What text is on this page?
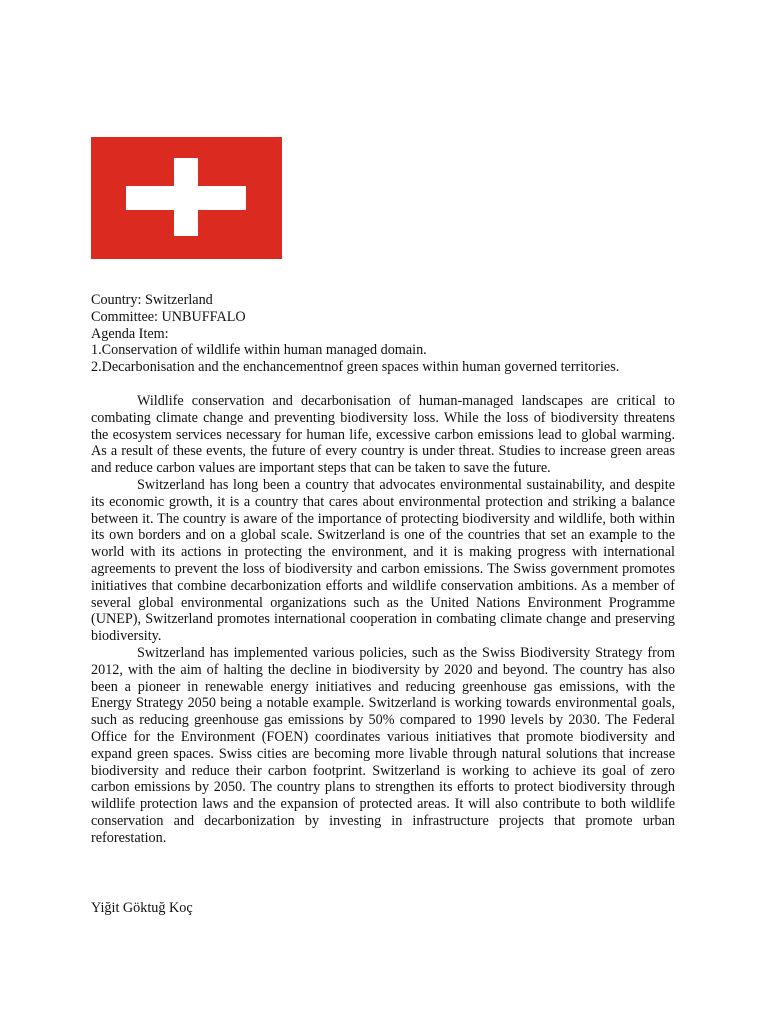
Country: Switzerland
Committee: UNBUFFALO
Agenda Item:
1.Conservation of wildlife within human managed domain.
2.Decarbonisation and the enchancementnof green spaces within human governed territories.

Wildlife conservation and decarbonisation of human-managed landscapes are critical to combating climate change and preventing biodiversity loss. While the loss of biodiversity threatens the ecosystem services necessary for human life, excessive carbon emissions lead to global warming. As a result of these events, the future of every country is under threat. Studies to increase green areas and reduce carbon values are important steps that can be taken to save the future.

Switzerland has long been a country that advocates environmental sustainability, and despite its economic growth, it is a country that cares about environmental protection and striking a balance between it. The country is aware of the importance of protecting biodiversity and wildlife, both within its own borders and on a global scale. Switzerland is one of the countries that set an example to the world with its actions in protecting the environment, and it is making progress with international agreements to prevent the loss of biodiversity and carbon emissions. The Swiss government promotes initiatives that combine decarbonization efforts and wildlife conservation ambitions. As a member of several global environmental organizations such as the United Nations Environment Programme (UNEP), Switzerland promotes international cooperation in combating climate change and preserving biodiversity.

Switzerland has implemented various policies, such as the Swiss Biodiversity Strategy from 2012, with the aim of halting the decline in biodiversity by 2020 and beyond. The country has also been a pioneer in renewable energy initiatives and reducing greenhouse gas emissions, with the Energy Strategy 2050 being a notable example. Switzerland is working towards environmental goals, such as reducing greenhouse gas emissions by 50% compared to 1990 levels by 2030. The Federal Office for the Environment (FOEN) coordinates various initiatives that promote biodiversity and expand green spaces. Swiss cities are becoming more livable through natural solutions that increase biodiversity and reduce their carbon footprint. Switzerland is working to achieve its goal of zero carbon emissions by 2050. The country plans to strengthen its efforts to protect biodiversity through wildlife protection laws and the expansion of protected areas. It will also contribute to both wildlife conservation and decarbonization by investing in infrastructure projects that promote urban reforestation.

Yiğit Göktuğ Koç
